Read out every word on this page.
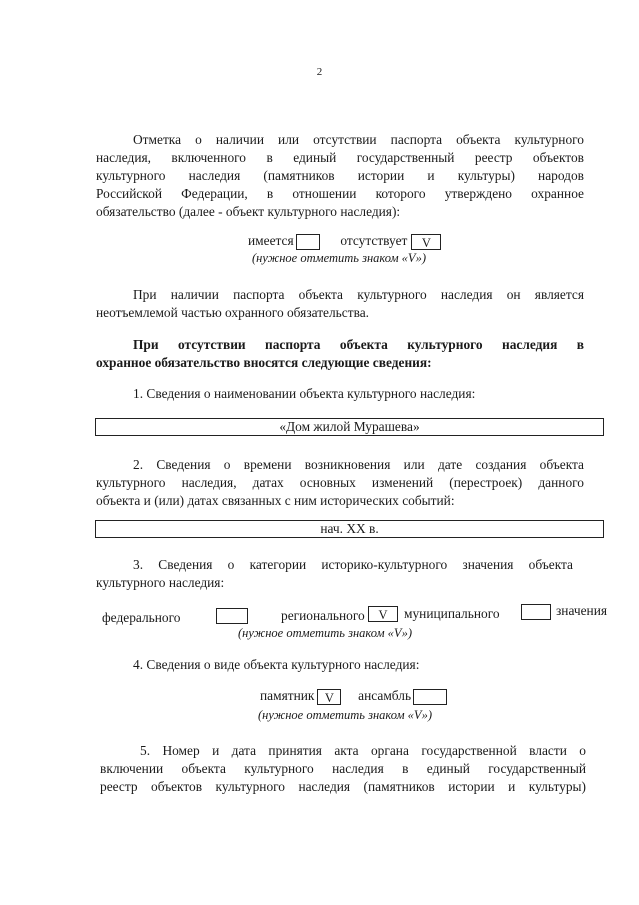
2
Отметка о наличии или отсутствии паспорта объекта культурного
наследия, включенного в единый государственный реестр объектов
культурного наследия (памятников истории и культуры) народов
Российской Федерации, в отношении которого утверждено охранное
обязательство (далее - объект культурного наследия):
имеется	отсутствует V
(нужное отметить знаком «V»)
При наличии паспорта объекта культурного наследия он является
неотъемлемой частью охранного обязательства.
При отсутствии паспорта объекта культурного наследия в
охранное обязательство вносятся следующие сведения:
1. Сведения о наименовании объекта культурного наследия:
«Дом жилой Мурашева»
2. Сведения о времени возникновения или дате создания объекта
культурного наследия, датах основных изменений (перестроек) данного
объекта и (или) датах связанных с ним исторических событий:
нач. XX в.
3. Сведения о категории историко-культурного значения объекта
культурного наследия:
федерального	регионального	V	муниципального	значения
(нужное отметить знаком «V»)
4. Сведения о виде объекта культурного наследия:
памятник V ансамбль
(нужное отметить знаком «V»)
5. Номер и дата принятия акта органа государственной власти о
включении объекта культурного наследия в единый государственный
реестр объектов культурного наследия (памятников истории и культуры)
